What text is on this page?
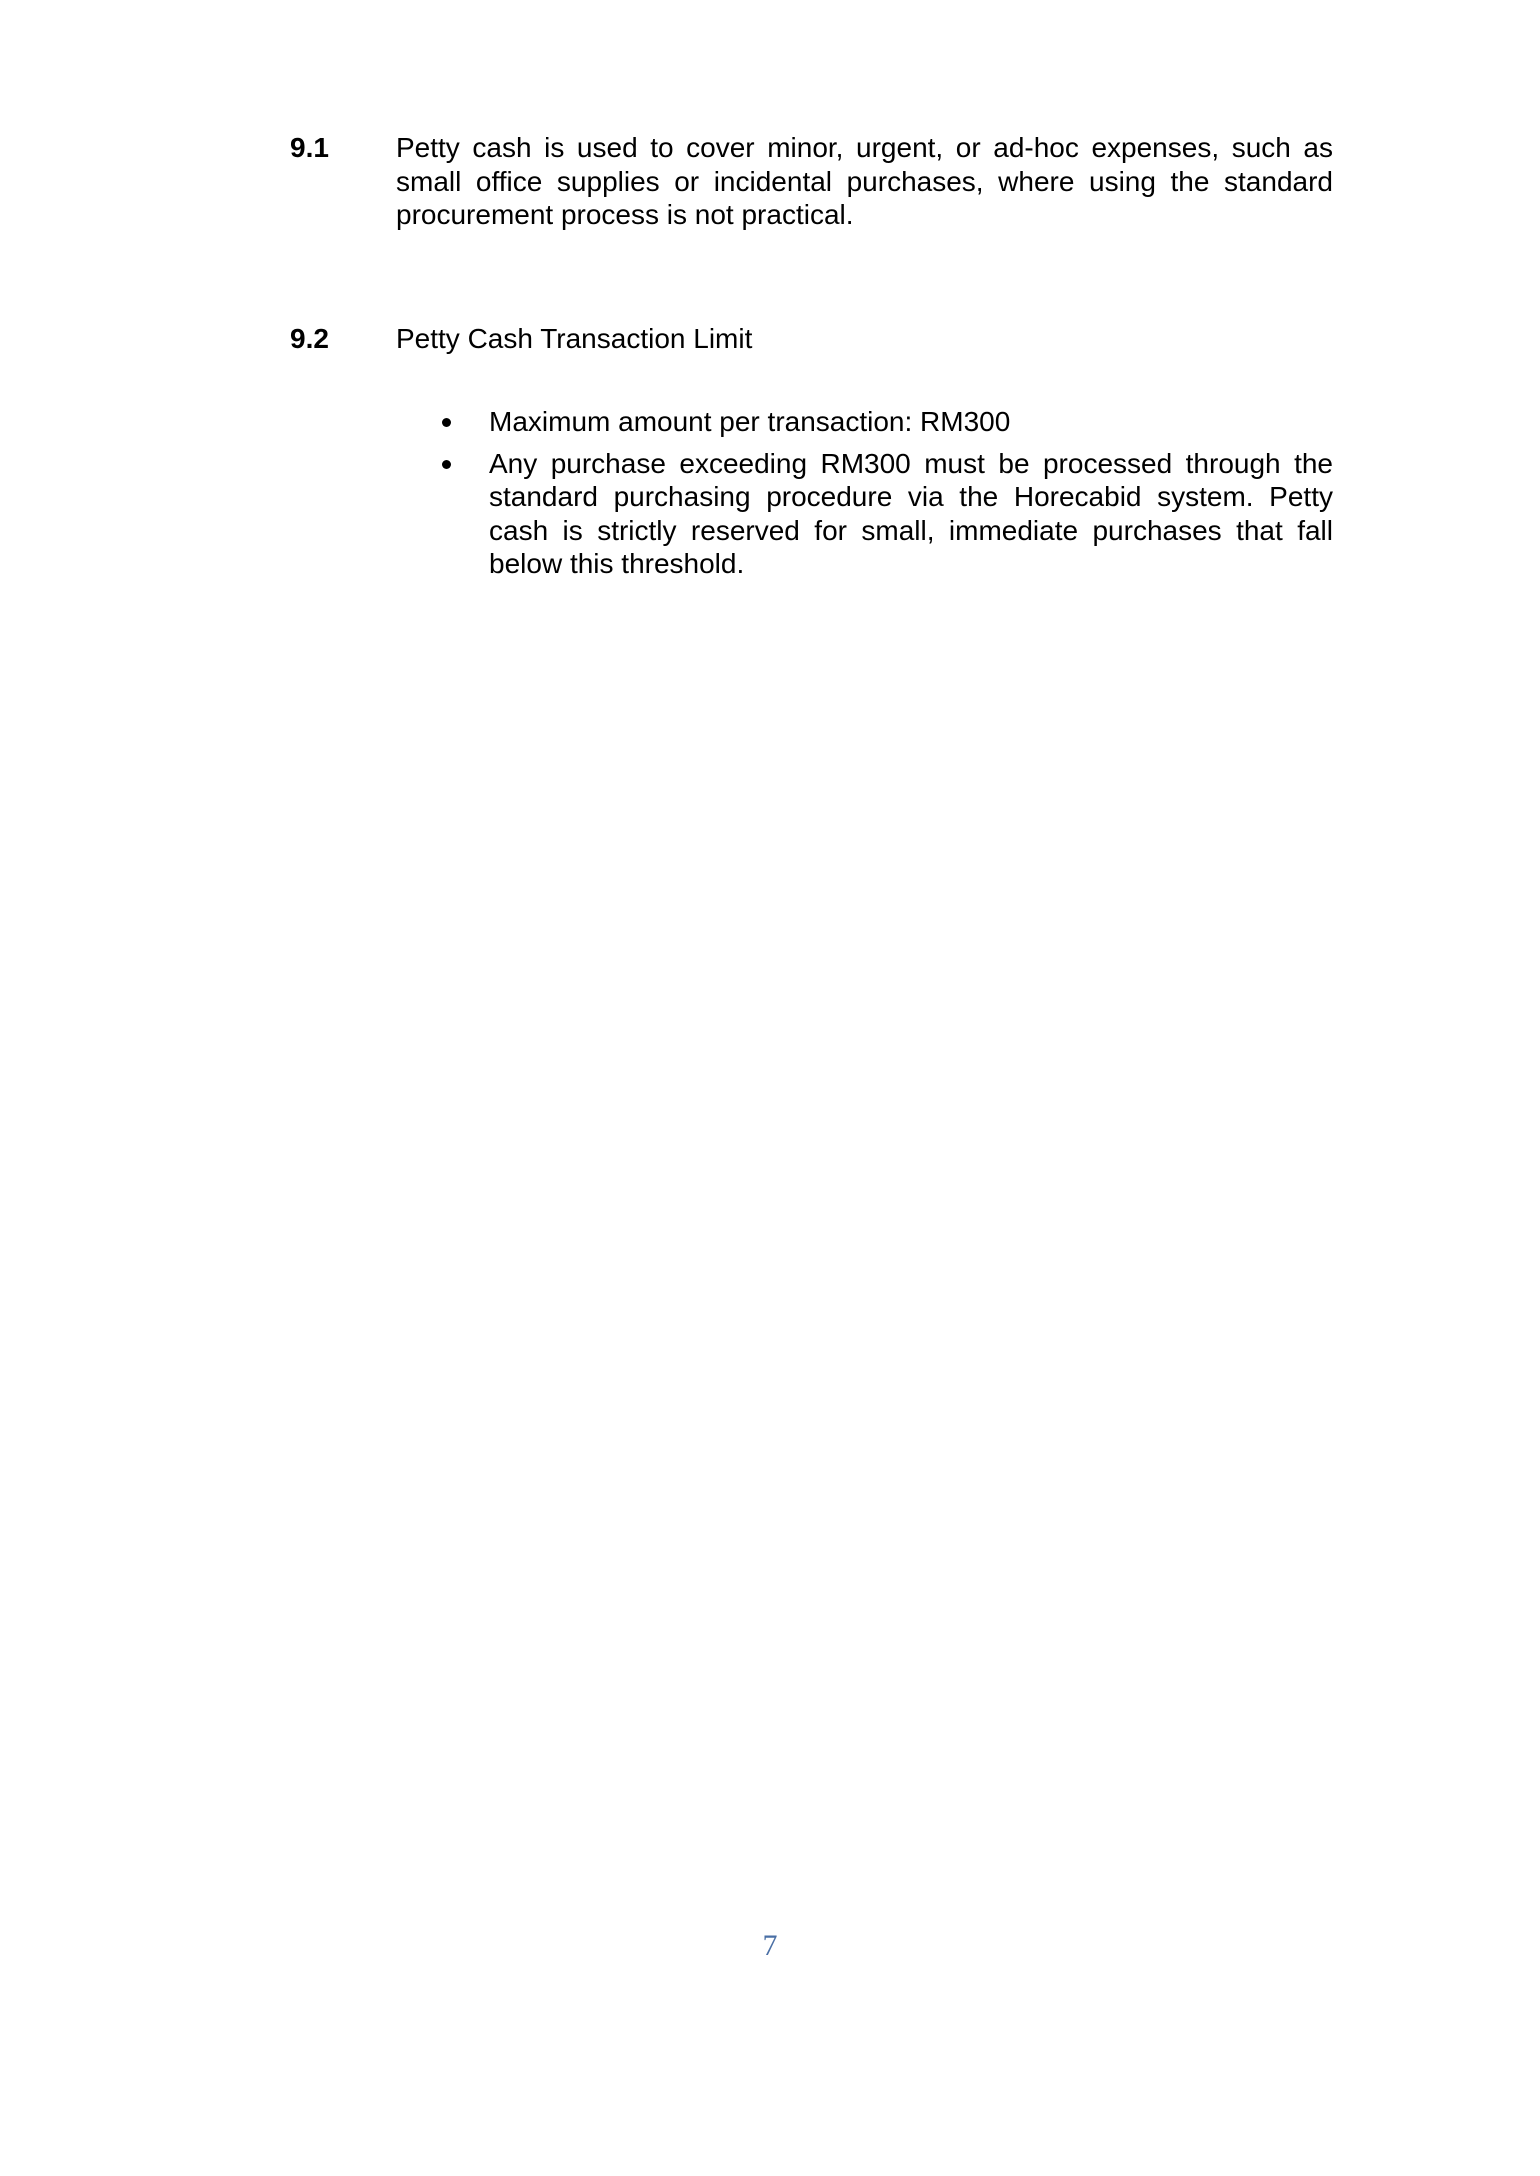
9.1 Petty cash is used to cover minor, urgent, or ad-hoc expenses, such as small office supplies or incidental purchases, where using the standard procurement process is not practical.
9.2 Petty Cash Transaction Limit
Maximum amount per transaction: RM300
Any purchase exceeding RM300 must be processed through the standard purchasing procedure via the Horecabid system. Petty cash is strictly reserved for small, immediate purchases that fall below this threshold.
7
